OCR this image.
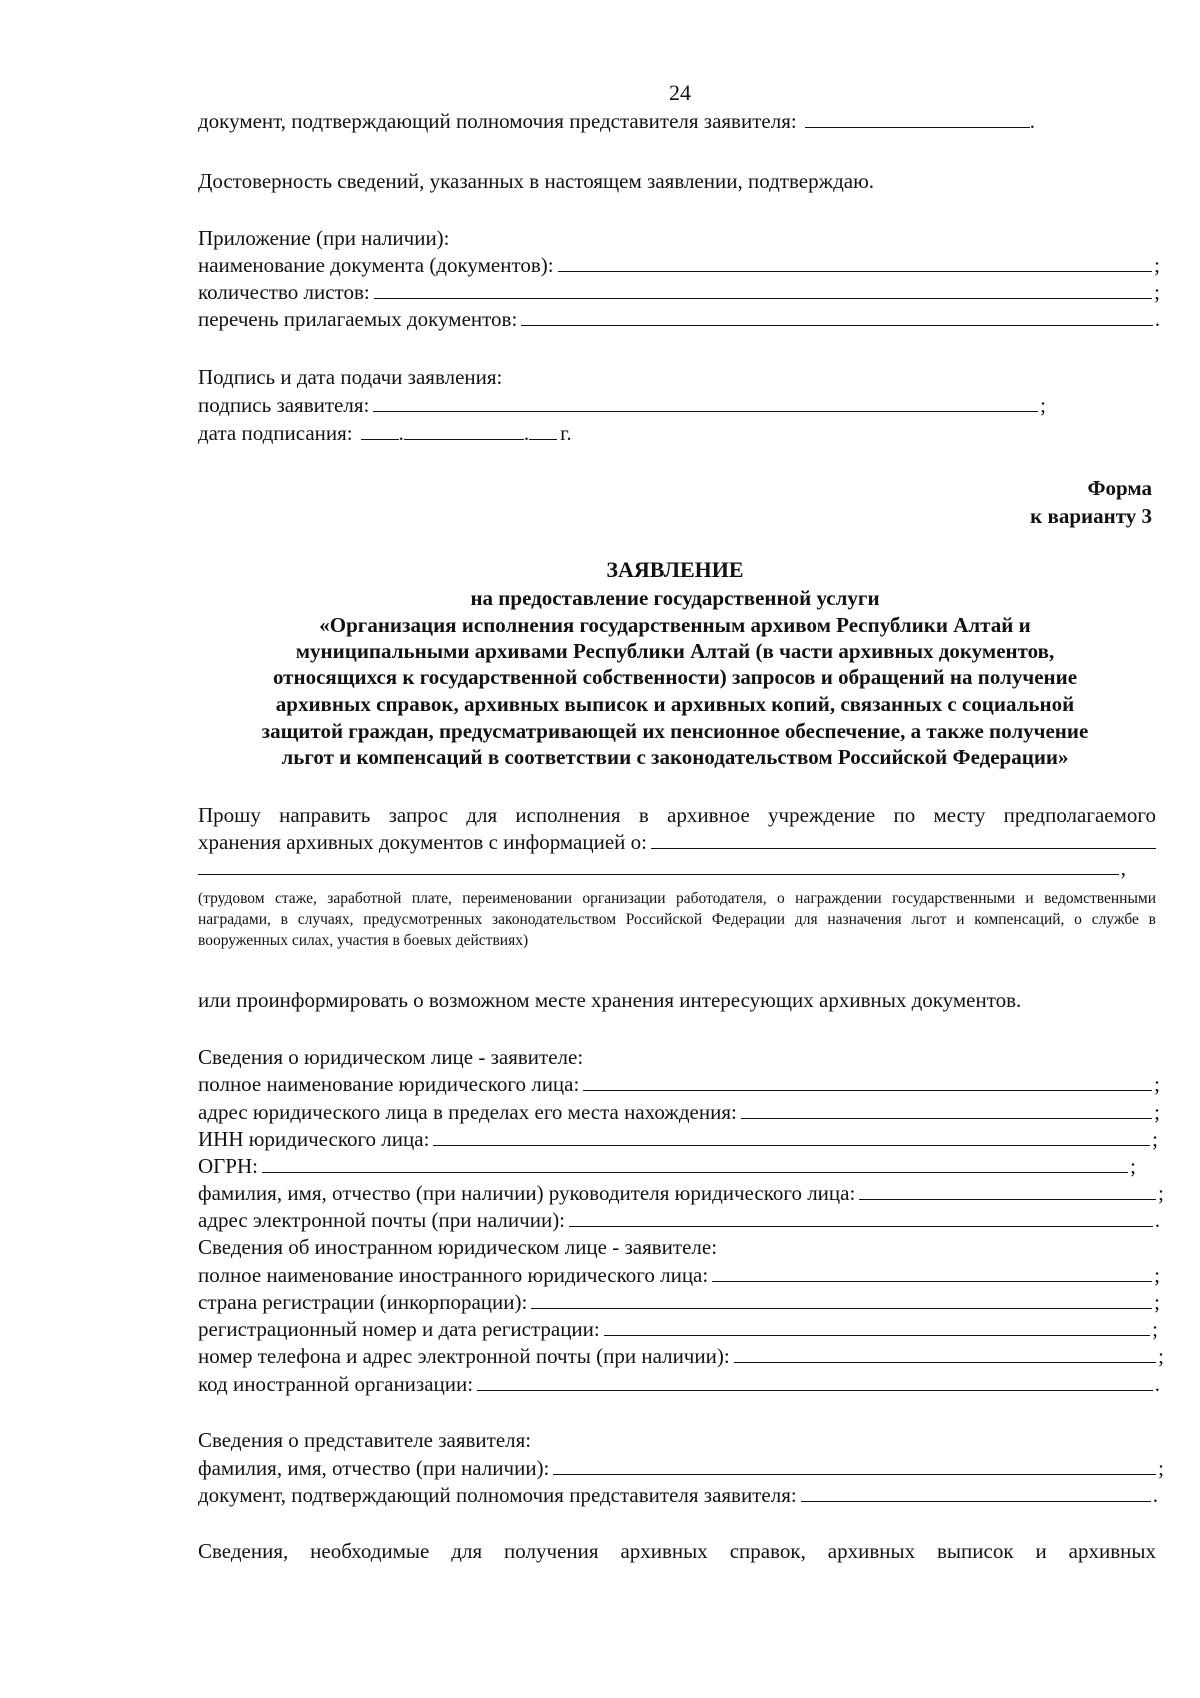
24
документ, подтверждающий полномочия представителя заявителя:	.
Достоверность сведений, указанных в настоящем заявлении, подтверждаю.
Приложение (при наличии):
наименование документа (документов):	;
количество листов:	;
перечень прилагаемых документов:	.
Подпись и дата подачи заявления:
подпись заявителя:	;
дата подписания: .	. г.
Форма
к варианту 3
ЗАЯВЛЕНИЕ
на предоставление государственной услуги
«Организация исполнения государственным архивом Республики Алтай и
муниципальными архивами Республики Алтай (в части архивных документов,
относящихся к государственной собственности) запросов и обращений на получение
архивных справок, архивных выписок и архивных копий, связанных с социальной
защитой граждан, предусматривающей их пенсионное обеспечение, а также получение
льгот и компенсаций в соответствии с законодательством Российской Федерации»
Прошу направить запрос для исполнения в архивное учреждение по месту предполагаемого
хранения архивных документов с информацией о:
,
(трудовом стаже, заработной плате, переименовании организации работодателя, о награждении государственными и ведомственными наградами, в случаях, предусмотренных законодательством Российской Федерации для назначения льгот и компенсаций, о службе в вооруженных силах, участия в боевых действиях)
или проинформировать о возможном месте хранения интересующих архивных документов.
Сведения о юридическом лице - заявителе:
полное наименование юридического лица:	;
адрес юридического лица в пределах его места нахождения:	;
ИНН юридического лица:	;
ОГРН:	;
фамилия, имя, отчество (при наличии) руководителя юридического лица:	;
адрес электронной почты (при наличии):	.
Сведения об иностранном юридическом лице - заявителе:
полное наименование иностранного юридического лица:	;
страна регистрации (инкорпорации):	;
регистрационный номер и дата регистрации:	;
номер телефона и адрес электронной почты (при наличии):	;
код иностранной организации:	.
Сведения о представителе заявителя:
фамилия, имя, отчество (при наличии):	;
документ, подтверждающий полномочия представителя заявителя:	.
Сведения, необходимые для получения архивных справок, архивных выписок и архивных
